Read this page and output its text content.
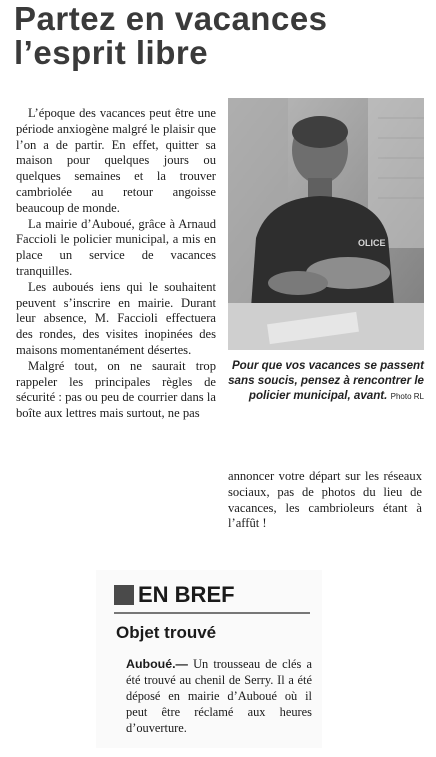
Partez en vacances
l’esprit libre

L’époque des vacances peut être une période anxiogène malgré le plaisir que l’on a de partir. En effet, quitter sa maison pour quelques jours ou quelques semaines et la trouver cambriolée au retour angoisse beaucoup de monde.

La mairie d’Auboué, grâce à Arnaud Faccioli le policier municipal, a mis en place un service de vacances tranquilles.

Les auboués iens qui le souhaitent peuvent s’inscrire en mairie. Durant leur absence, M. Faccioli effectuera des rondes, des visites inopinées des maisons momentanément désertes.

Malgré tout, on ne saurait trop rappeler les principales règles de sécurité : pas ou peu de courrier dans la boîte aux lettres mais surtout, ne pas

OLICE
Pour que vos vacances se passent sans soucis, pensez à rencontrer le policier municipal, avant. Photo RL

annoncer votre départ sur les réseaux sociaux, pas de photos du lieu de vacances, les cambrioleurs étant à l’affût !

EN BREF
Objet trouvé
Auboué.— Un trousseau de clés a été trouvé au chenil de Serry. Il a été déposé en mairie d’Auboué où il peut être réclamé aux heures d’ouverture.
